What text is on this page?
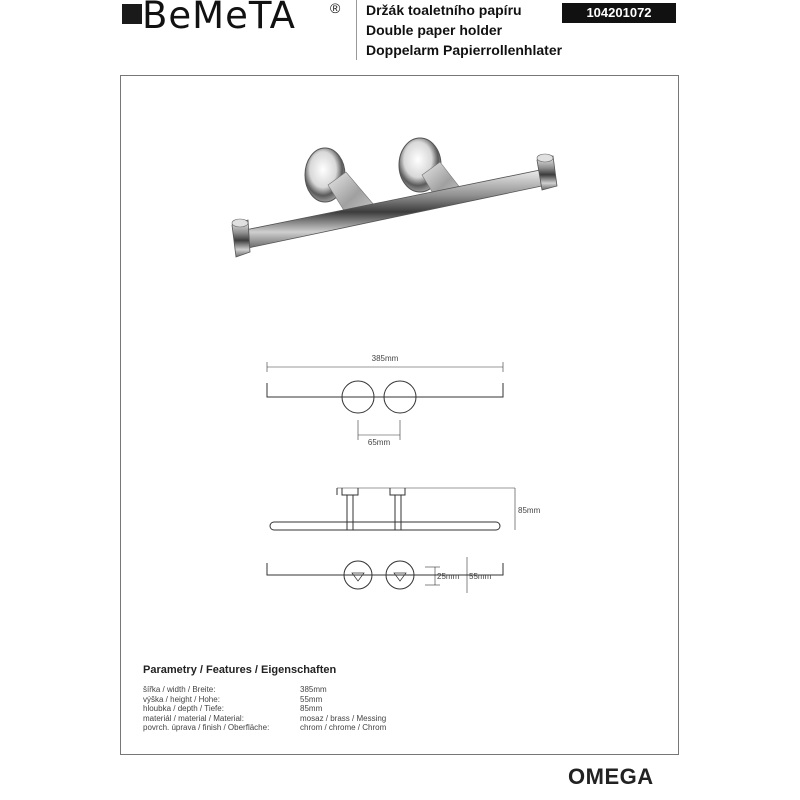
BeMeTA ® Držák toaletního papíru
Double paper holder
Doppelarm Papierrollenhlater
104201072
385mm
65mm
85mm
25mm 55mm
Parametry / Features / Eigenschaften
šířka / width / Breite:	385mm
výška / height / Hohe:	55mm
hloubka / depth / Tiefe:	85mm
materiál / material / Material:	mosaz / brass / Messing
povrch. úprava / finish / Oberfläche:	chrom / chrome / Chrom
OMEGA
